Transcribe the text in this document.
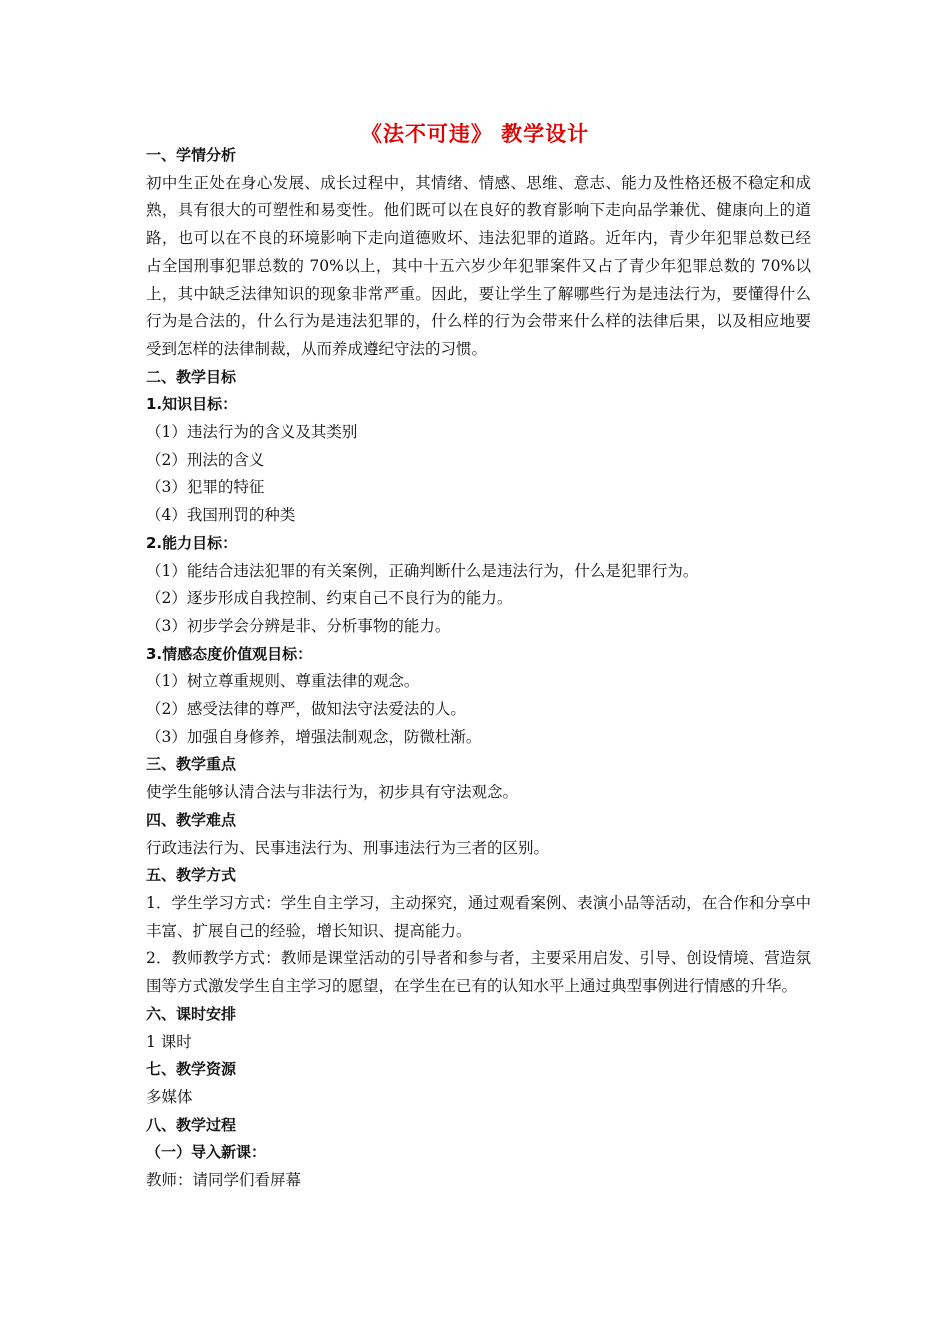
《法不可违》 教学设计
一、学情分析
初中生正处在身心发展、成长过程中，其情绪、情感、思维、意志、能力及性格还极不稳定和成熟，具有很大的可塑性和易变性。他们既可以在良好的教育影响下走向品学兼优、健康向上的道路，也可以在不良的环境影响下走向道德败坏、违法犯罪的道路。近年内，青少年犯罪总数已经占全国刑事犯罪总数的 70%以上，其中十五六岁少年犯罪案件又占了青少年犯罪总数的 70%以上，其中缺乏法律知识的现象非常严重。因此，要让学生了解哪些行为是违法行为，要懂得什么行为是合法的，什么行为是违法犯罪的，什么样的行为会带来什么样的法律后果，以及相应地要受到怎样的法律制裁，从而养成遵纪守法的习惯。
二、教学目标
1.知识目标：
（1）违法行为的含义及其类别
（2）刑法的含义
（3）犯罪的特征
（4）我国刑罚的种类
2.能力目标：
（1）能结合违法犯罪的有关案例，正确判断什么是违法行为，什么是犯罪行为。
（2）逐步形成自我控制、约束自己不良行为的能力。
（3）初步学会分辨是非、分析事物的能力。
3.情感态度价值观目标：
（1）树立尊重规则、尊重法律的观念。
（2）感受法律的尊严，做知法守法爱法的人。
（3）加强自身修养，增强法制观念，防微杜渐。
三、教学重点
使学生能够认清合法与非法行为，初步具有守法观念。
四、教学难点
行政违法行为、民事违法行为、刑事违法行为三者的区别。
五、教学方式
1．学生学习方式：学生自主学习，主动探究，通过观看案例、表演小品等活动，在合作和分享中丰富、扩展自己的经验，增长知识、提高能力。
2．教师教学方式：教师是课堂活动的引导者和参与者，主要采用启发、引导、创设情境、营造氛围等方式激发学生自主学习的愿望，在学生在已有的认知水平上通过典型事例进行情感的升华。
六、课时安排
1 课时
七、教学资源
多媒体
八、教学过程
（一）导入新课：
教师：请同学们看屏幕
